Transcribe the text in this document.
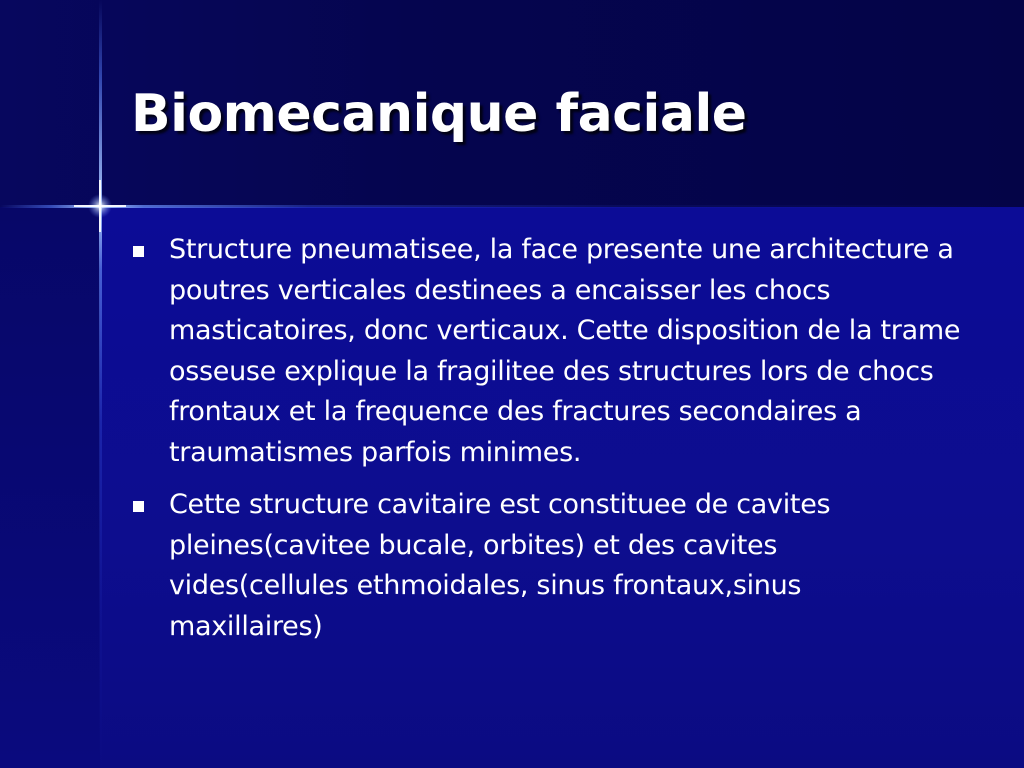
Biomecanique faciale
Structure pneumatisee, la face presente une architecture a poutres verticales destinees a encaisser les chocs masticatoires, donc verticaux. Cette disposition de la trame osseuse explique la fragilitee des structures lors de chocs frontaux et la frequence des fractures secondaires a traumatismes parfois minimes.
Cette structure cavitaire est constituee de cavites pleines(cavitee bucale, orbites) et des cavites vides(cellules ethmoidales, sinus frontaux,sinus maxillaires)
